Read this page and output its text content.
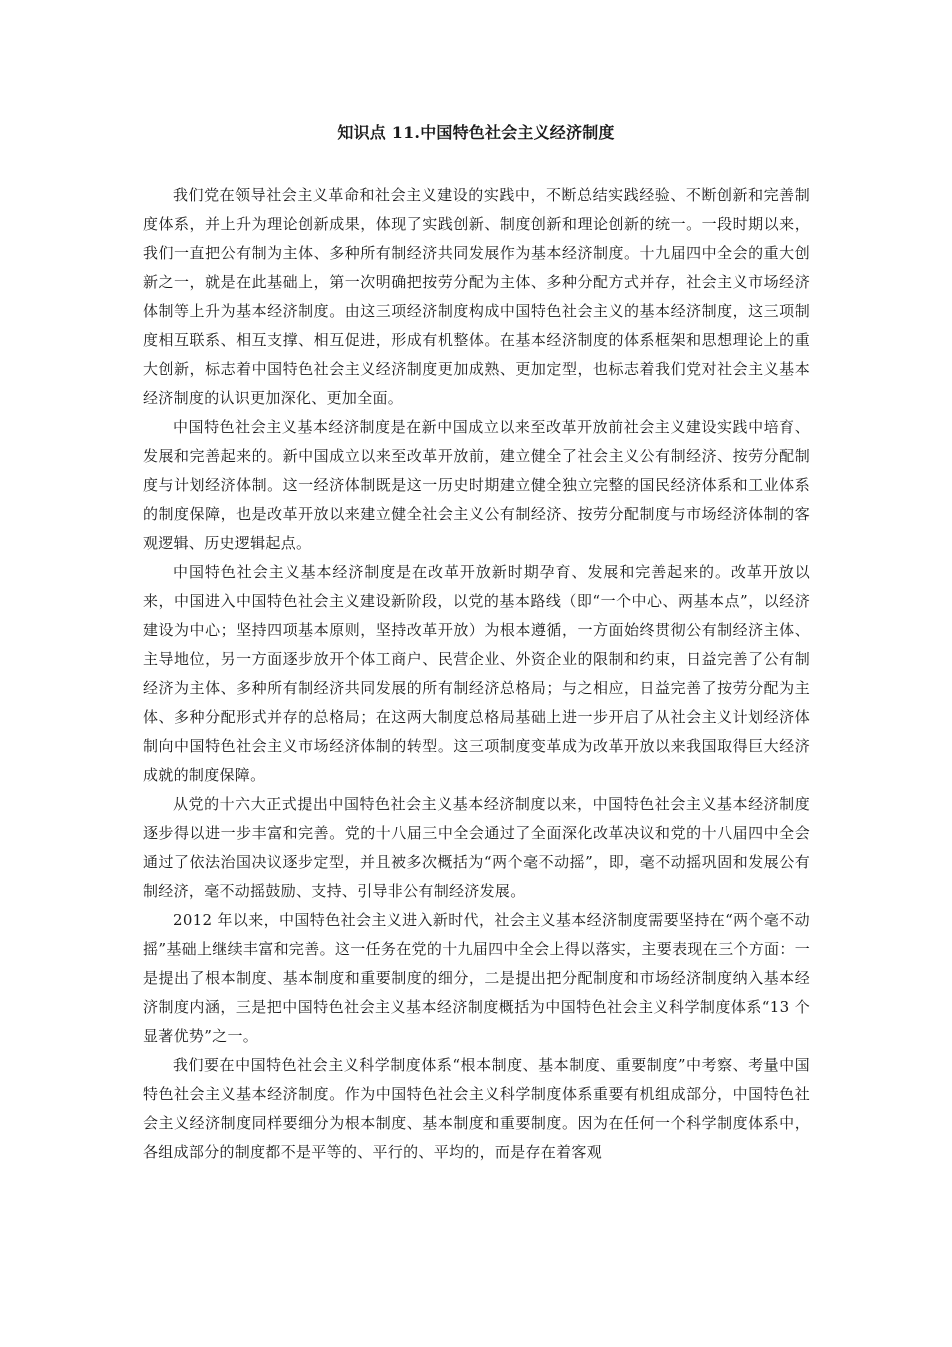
知识点 11.中国特色社会主义经济制度

我们党在领导社会主义革命和社会主义建设的实践中，不断总结实践经验、不断创新和完善制度体系，并上升为理论创新成果，体现了实践创新、制度创新和理论创新的统一。一段时期以来，我们一直把公有制为主体、多种所有制经济共同发展作为基本经济制度。十九届四中全会的重大创新之一，就是在此基础上，第一次明确把按劳分配为主体、多种分配方式并存，社会主义市场经济体制等上升为基本经济制度。由这三项经济制度构成中国特色社会主义的基本经济制度，这三项制度相互联系、相互支撑、相互促进，形成有机整体。在基本经济制度的体系框架和思想理论上的重大创新，标志着中国特色社会主义经济制度更加成熟、更加定型，也标志着我们党对社会主义基本经济制度的认识更加深化、更加全面。

中国特色社会主义基本经济制度是在新中国成立以来至改革开放前社会主义建设实践中培育、发展和完善起来的。新中国成立以来至改革开放前，建立健全了社会主义公有制经济、按劳分配制度与计划经济体制。这一经济体制既是这一历史时期建立健全独立完整的国民经济体系和工业体系的制度保障，也是改革开放以来建立健全社会主义公有制经济、按劳分配制度与市场经济体制的客观逻辑、历史逻辑起点。

中国特色社会主义基本经济制度是在改革开放新时期孕育、发展和完善起来的。改革开放以来，中国进入中国特色社会主义建设新阶段，以党的基本路线（即“一个中心、两基本点”，以经济建设为中心；坚持四项基本原则，坚持改革开放）为根本遵循，一方面始终贯彻公有制经济主体、主导地位，另一方面逐步放开个体工商户、民营企业、外资企业的限制和约束，日益完善了公有制经济为主体、多种所有制经济共同发展的所有制经济总格局；与之相应，日益完善了按劳分配为主体、多种分配形式并存的总格局；在这两大制度总格局基础上进一步开启了从社会主义计划经济体制向中国特色社会主义市场经济体制的转型。这三项制度变革成为改革开放以来我国取得巨大经济成就的制度保障。

从党的十六大正式提出中国特色社会主义基本经济制度以来，中国特色社会主义基本经济制度逐步得以进一步丰富和完善。党的十八届三中全会通过了全面深化改革决议和党的十八届四中全会通过了依法治国决议逐步定型，并且被多次概括为“两个毫不动摇”，即，毫不动摇巩固和发展公有制经济，毫不动摇鼓励、支持、引导非公有制经济发展。

2012 年以来，中国特色社会主义进入新时代，社会主义基本经济制度需要坚持在“两个毫不动摇”基础上继续丰富和完善。这一任务在党的十九届四中全会上得以落实，主要表现在三个方面：一是提出了根本制度、基本制度和重要制度的细分，二是提出把分配制度和市场经济制度纳入基本经济制度内涵，三是把中国特色社会主义基本经济制度概括为中国特色社会主义科学制度体系“13 个显著优势”之一。

我们要在中国特色社会主义科学制度体系“根本制度、基本制度、重要制度”中考察、考量中国特色社会主义基本经济制度。作为中国特色社会主义科学制度体系重要有机组成部分，中国特色社会主义经济制度同样要细分为根本制度、基本制度和重要制度。因为在任何一个科学制度体系中，各组成部分的制度都不是平等的、平行的、平均的，而是存在着客观
